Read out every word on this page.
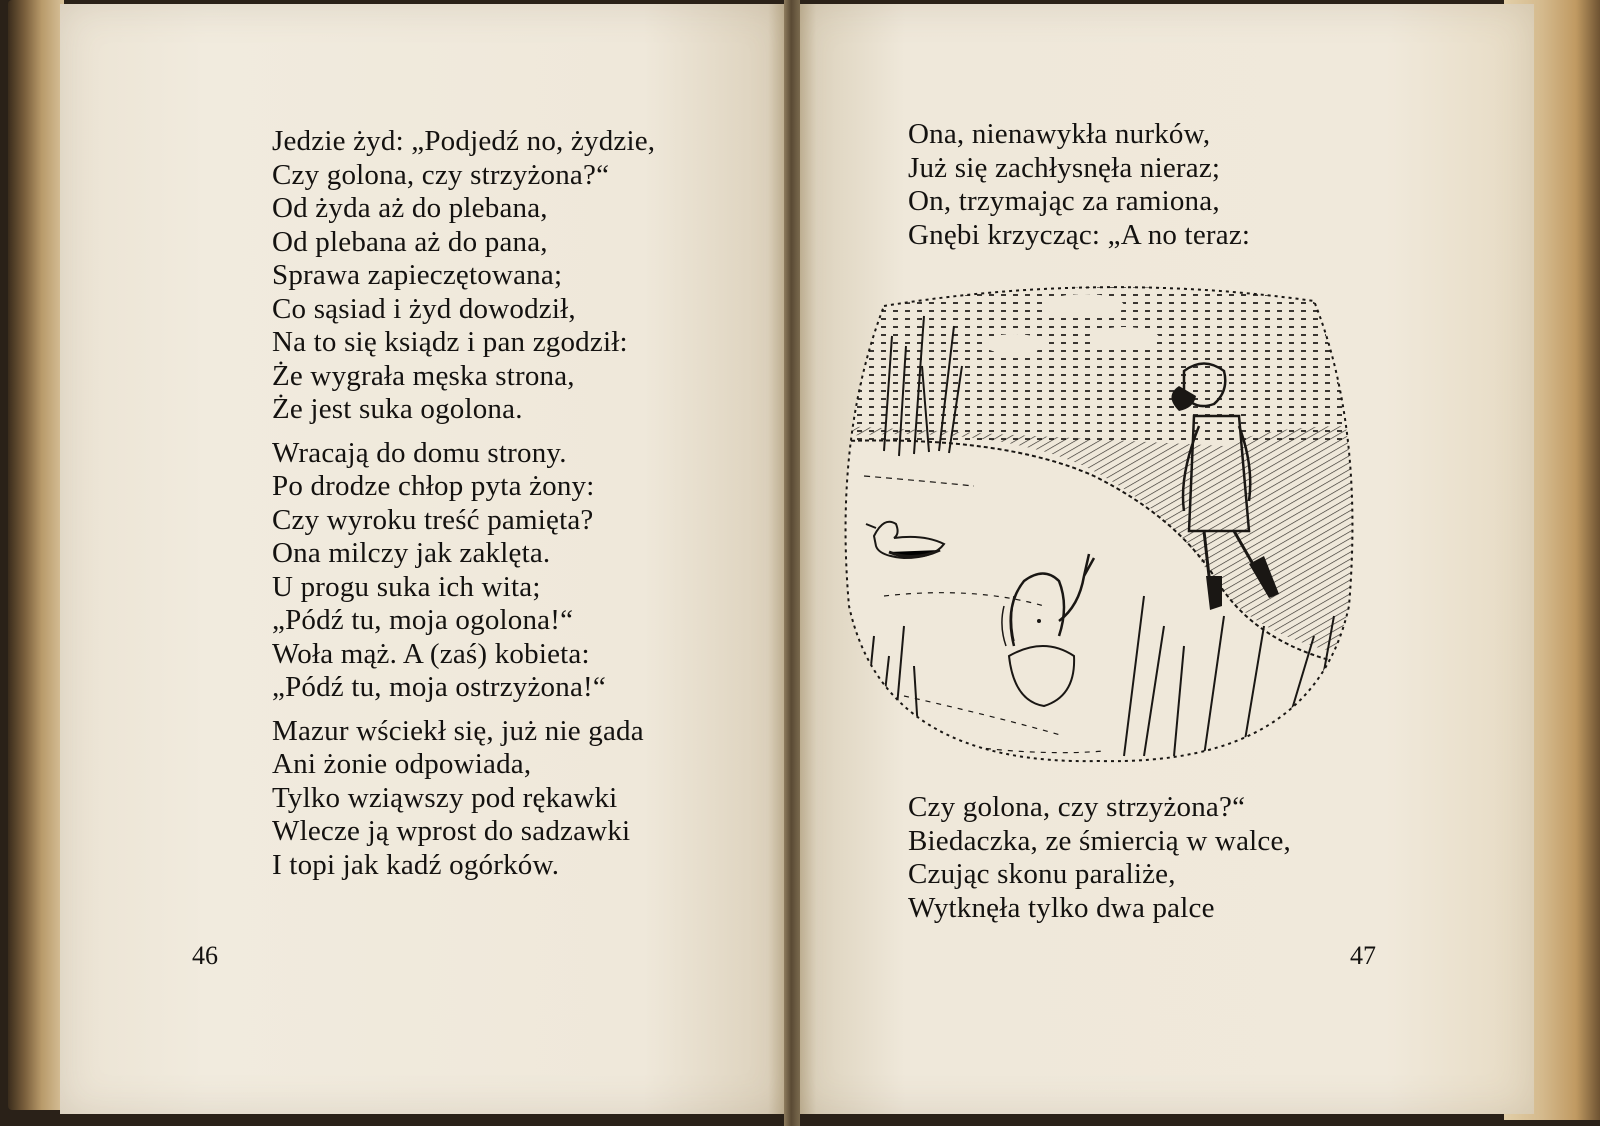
Jedzie żyd: „Podjedź no, żydzie,
Czy golona, czy strzyżona?“
Od żyda aż do plebana,
Od plebana aż do pana,
Sprawa zapieczętowana;
Co sąsiad i żyd dowodził,
Na to się ksiądz i pan zgodził:
Że wygrała męska strona,
Że jest suka ogolona.
Wracają do domu strony.
Po drodze chłop pyta żony:
Czy wyroku treść pamięta?
Ona milczy jak zaklęta.
U progu suka ich wita;
„Pódź tu, moja ogolona!“
Woła mąż. A (zaś) kobieta:
„Pódź tu, moja ostrzyżona!“
Mazur wściekł się, już nie gada
Ani żonie odpowiada,
Tylko wziąwszy pod rękawki
Wlecze ją wprost do sadzawki
I topi jak kadź ogórków.
46
Ona, nienawykła nurków,
Już się zachłysnęła nieraz;
On, trzymając za ramiona,
Gnębi krzycząc: „A no teraz:
Czy golona, czy strzyżona?“
Biedaczka, ze śmiercią w walce,
Czując skonu paraliże,
Wytknęła tylko dwa palce
47
